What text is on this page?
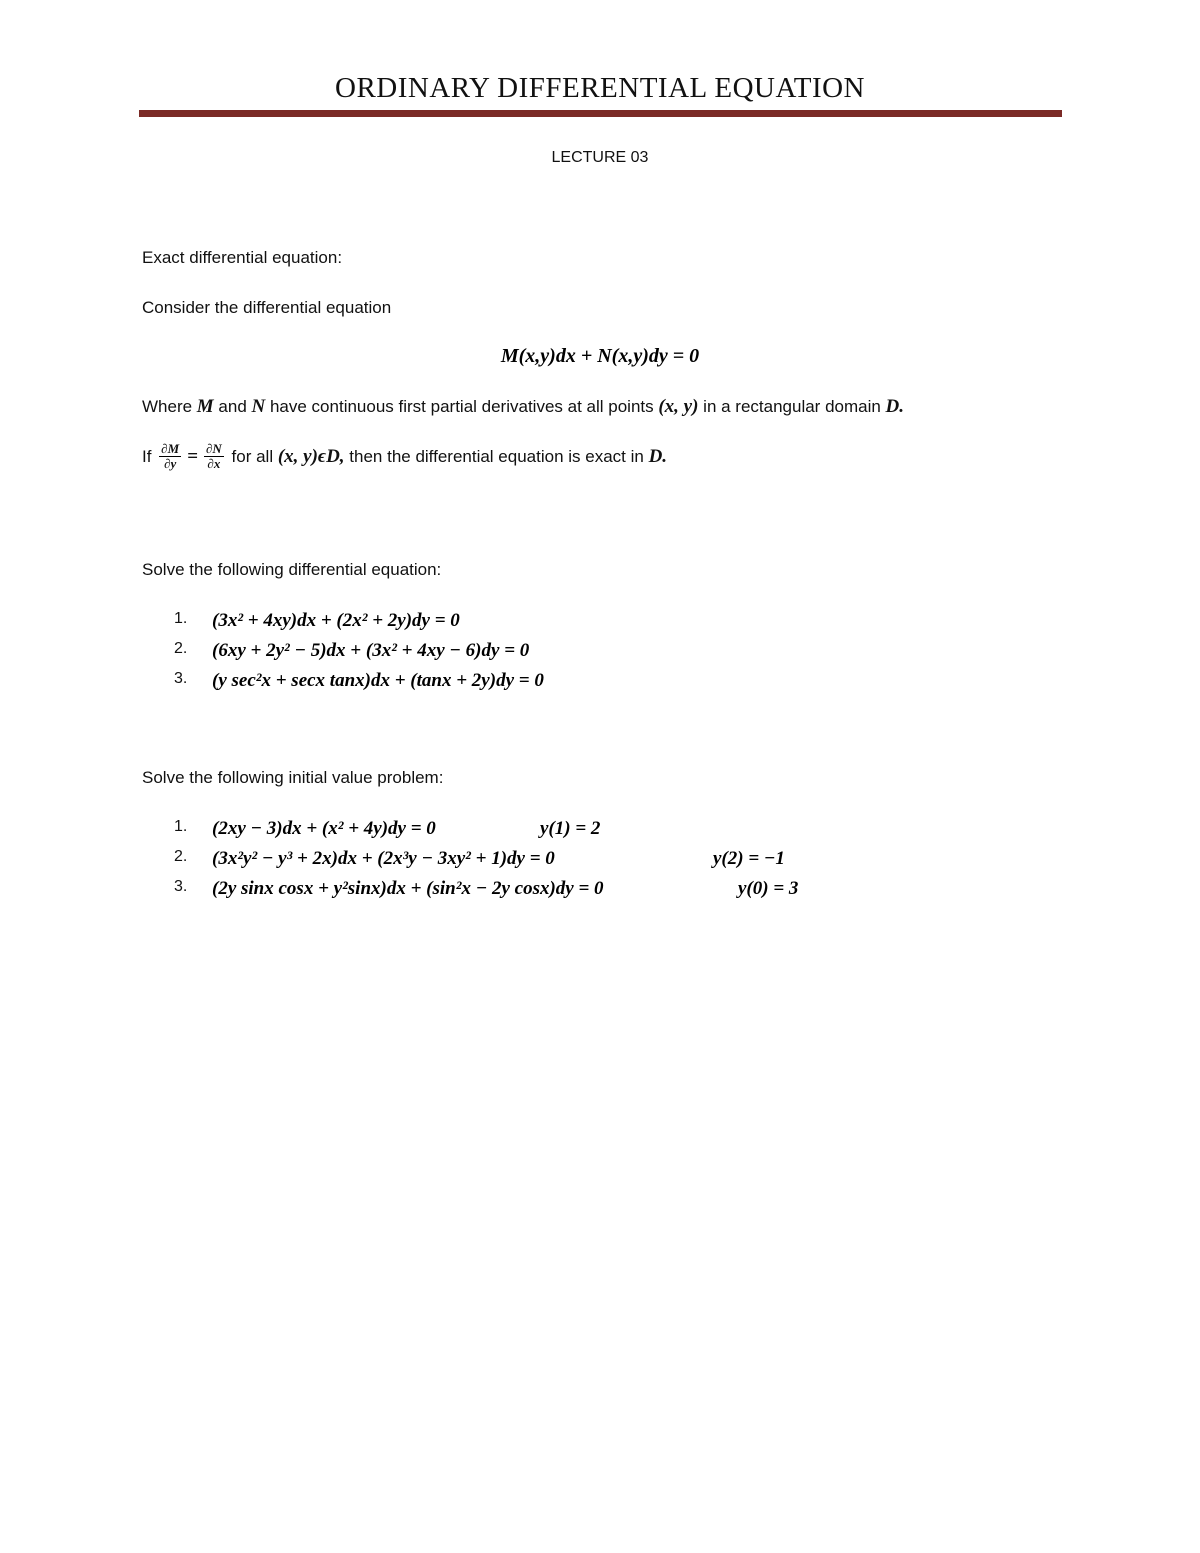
ORDINARY DIFFERENTIAL EQUATION
LECTURE 03
Exact differential equation:
Consider the differential equation
M(x,y)dx + N(x,y)dy = 0
Where M and N have continuous first partial derivatives at all points (x, y) in a rectangular domain D.
If $\frac{\partial M}{\partial y} = \frac{\partial N}{\partial x}$ for all (x, y)ϵD, then the differential equation is exact in D.
Solve the following differential equation:
1. (3x² + 4xy)dx + (2x² + 2y)dy = 0
2. (6xy + 2y² − 5)dx + (3x² + 4xy − 6)dy = 0
3. (y sec²x + secx tanx)dx + (tanx + 2y)dy = 0
Solve the following initial value problem:
1. (2xy − 3)dx + (x² + 4y)dy = 0	y(1) = 2
2. (3x²y² − y³ + 2x)dx + (2x³y − 3xy² + 1)dy = 0	y(2) = −1
3. (2y sinx cosx + y²sinx)dx + (sin²x − 2y cosx)dy = 0	y(0) = 3
